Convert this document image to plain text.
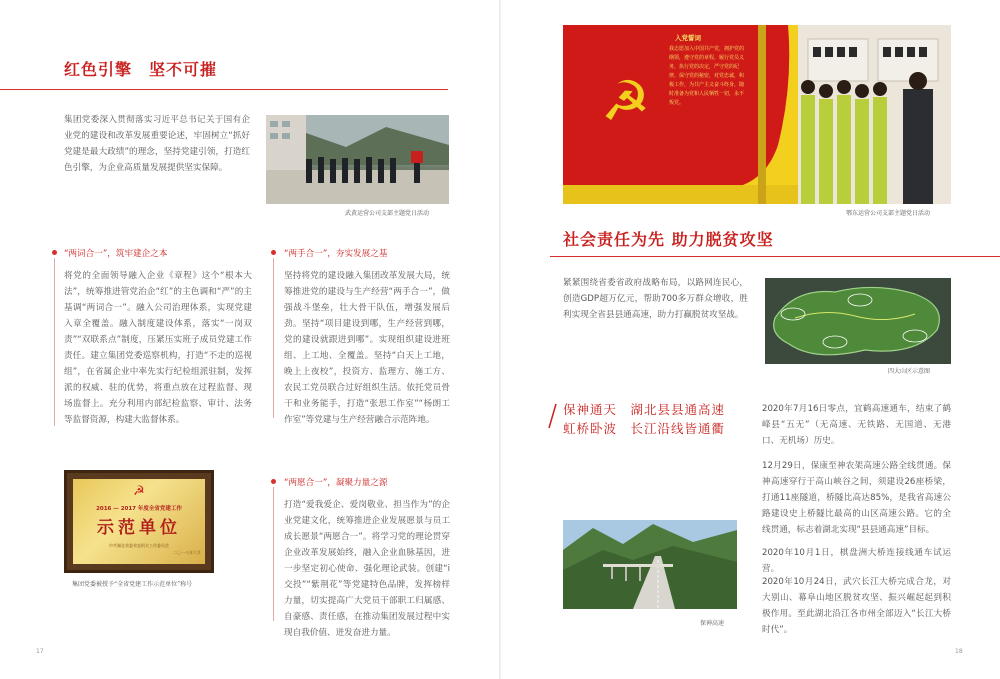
红色引擎　坚不可摧
集团党委深入贯彻落实习近平总书记关于国有企业党的建设和改革发展重要论述，牢固树立“抓好党建是最大政绩”的理念，坚持党建引领，打造红色引擎，为企业高质量发展提供坚实保障。
武黄运营公司支部主题党日活动
“两词合一”，筑牢建企之本
将党的全面领导融入企业《章程》这个“根本大法”，统筹推进管党治企“红”的主色调和“严”的主基调“两词合一”。融入公司治理体系，实现党建入章全覆盖。融入制度建设体系，落实“一岗双责”“双联系点”制度，压紧压实班子成员党建工作责任。建立集团党委巡察机构，打造“不走的巡视组”，在省属企业中率先实行纪检组派驻制，发挥派的权威、驻的优势，将重点放在过程监督、现场监督上。充分利用内部纪检监察、审计、法务等监督资源，构建大监督体系。
“两手合一”，夯实发展之基
坚持将党的建设融入集团改革发展大局，统筹推进党的建设与生产经营“两手合一”，做强战斗堡垒，壮大骨干队伍，增强发展后劲。坚持“项目建设到哪，生产经营到哪，党的建设就跟进到哪”。实现组织建设进班组、上工地、全覆盖。坚持“白天上工地，晚上上夜校”，投资方、监理方、施工方、农民工党员联合过好组织生活。依托党员骨干和业务能手，打造“张思工作室”“杨朗工作室”等党建与生产经营融合示范阵地。
☭
2016 — 2017 年度全省党建工作
示范单位
中共湖北省委省直机关工作委员会
二〇一八年六月
集团党委被授予“全省党建工作示范单位”称号
“两愿合一”，凝聚力量之源
打造“爱我爱企、爱岗敬业、担当作为”的企业党建文化，统筹推进企业发展愿景与员工成长愿景“两愿合一”。将学习党的理论贯穿企业改革发展始终，融入企业血脉基因，进一步坚定初心使命、强化理论武装。创建“i交投”“紫荆花”等党建特色品牌，发挥榜样力量，切实提高广大党员干部职工归属感、自豪感、责任感，在推动集团发展过程中实现自我价值、迸发奋进力量。
17
☭
入党誓词
我志愿加入中国共产党，拥护党的纲领，遵守党的章程，履行党员义务，执行党的决定，严守党的纪律，保守党的秘密，对党忠诚，积极工作，为共产主义奋斗终身，随时准备为党和人民牺牲一切，永不叛党。
鄂东运营公司支部主题党日活动
社会责任为先 助力脱贫攻坚
紧紧围绕省委省政府战略布局，以路网连民心，创造GDP超万亿元，帮助700多万群众增收，胜利实现全省县县通高速，助力打赢脱贫攻坚战。
四大山区示意图
保神通天　湖北县县通高速
虹桥卧波　长江沿线皆通衢
保神高速
2020年7月16日零点，宜鹤高速通车，结束了鹤峰县“五无”（无高速、无铁路、无国道、无港口、无机场）历史。
12月29日，保康至神农架高速公路全线贯通。保神高速穿行于高山峡谷之间，须建设26座桥梁，打通11座隧道，桥隧比高达85%，是我省高速公路建设史上桥隧比最高的山区高速公路。它的全线贯通，标志着湖北实现“县县通高速”目标。
2020年10月1日，棋盘洲大桥连接线通车试运营。
2020年10月24日，武穴长江大桥完成合龙，对大别山、幕阜山地区脱贫攻坚、振兴崛起起到积极作用。至此湖北沿江各市州全部迈入“长江大桥时代”。
18
